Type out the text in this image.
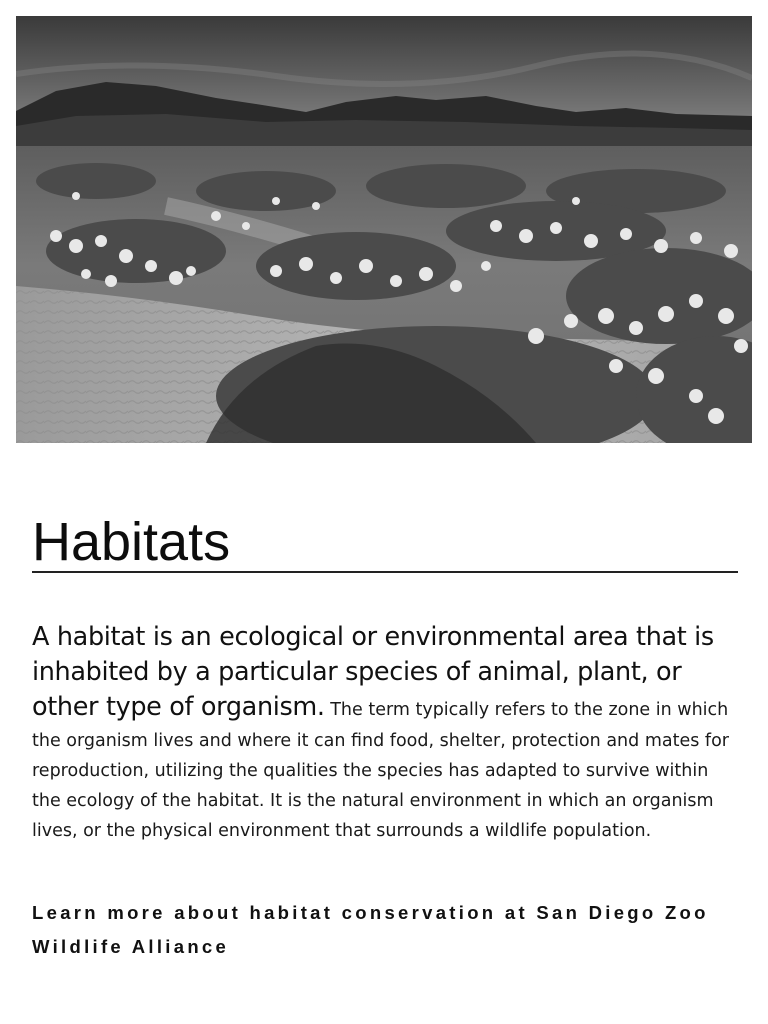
Habitats

A habitat is an ecological or environmental area that is inhabited by a particular species of animal, plant, or other type of organism. The term typically refers to the zone in which the organism lives and where it can find food, shelter, protection and mates for reproduction, utilizing the qualities the species has adapted to survive within the ecology of the habitat. It is the natural environment in which an organism lives, or the physical environment that surrounds a wildlife population.

Learn more about habitat conservation at San Diego Zoo Wildlife Alliance
